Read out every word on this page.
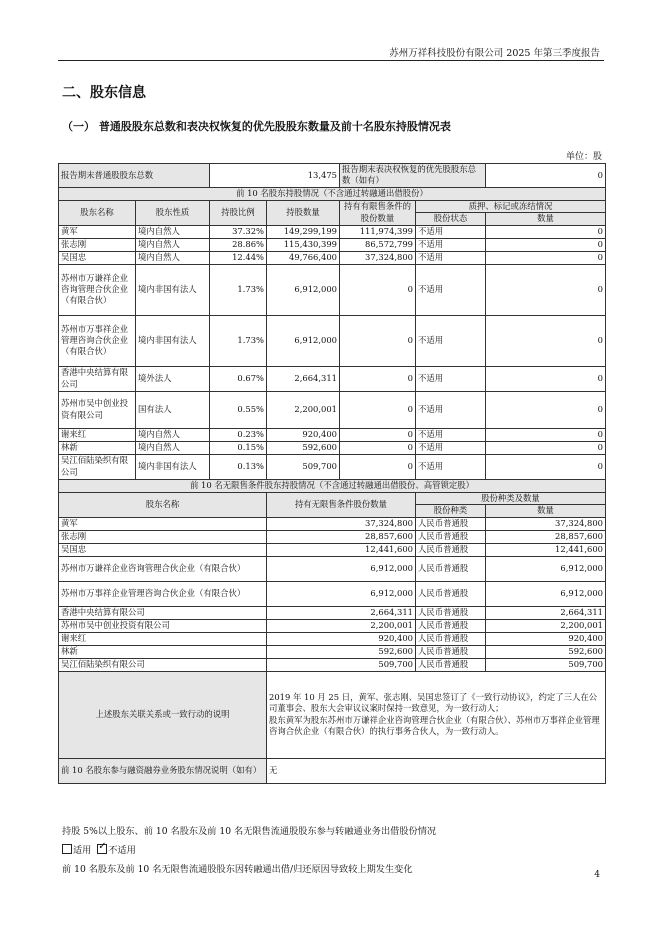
苏州万祥科技股份有限公司 2025 年第三季度报告
二、股东信息
（一） 普通股股东总数和表决权恢复的优先股股东数量及前十名股东持股情况表
单位：股
报告期末普通股股东总数		13,475		报告期末表决权恢复的优先股股东总数（如有）		0
前 10 名股东持股情况（不含通过转融通出借股份）						
股东名称	股东性质	持股比例	持股数量	持有有限售条件的股份数量	质押、标记或冻结情况	
					股份状态	数量
黄军	境内自然人	37.32%	149,299,199	111,974,399	不适用	0
张志刚	境内自然人	28.86%	115,430,399	86,572,799	不适用	0
吴国忠	境内自然人	12.44%	49,766,400	37,324,800	不适用	0
苏州市万谦祥企业咨询管理合伙企业（有限合伙）	境内非国有法人	1.73%	6,912,000	0	不适用	0
苏州市万事祥企业管理咨询合伙企业（有限合伙）	境内非国有法人	1.73%	6,912,000	0	不适用	0
香港中央结算有限公司	境外法人	0.67%	2,664,311	0	不适用	0
苏州市吴中创业投资有限公司	国有法人	0.55%	2,200,001	0	不适用	0
谢来红	境内自然人	0.23%	920,400	0	不适用	0
林新	境内自然人	0.15%	592,600	0	不适用	0
吴江佰陆染织有限公司	境内非国有法人	0.13%	509,700	0	不适用	0
前 10 名无限售条件股东持股情况（不含通过转融通出借股份、高管锁定股）						
股东名称			持有无限售条件股份数量		股份种类及数量	
					股份种类	数量
黄军			37,324,800		人民币普通股	37,324,800
张志刚			28,857,600		人民币普通股	28,857,600
吴国忠			12,441,600		人民币普通股	12,441,600
苏州市万谦祥企业咨询管理合伙企业（有限合伙）			6,912,000		人民币普通股	6,912,000
苏州市万事祥企业管理咨询合伙企业（有限合伙）			6,912,000		人民币普通股	6,912,000
香港中央结算有限公司			2,664,311		人民币普通股	2,664,311
苏州市吴中创业投资有限公司			2,200,001		人民币普通股	2,200,001
谢来红			920,400		人民币普通股	920,400
林新			592,600		人民币普通股	592,600
吴江佰陆染织有限公司			509,700		人民币普通股	509,700
上述股东关联关系或一致行动的说明			2019 年 10 月 25 日，黄军、张志刚、吴国忠签订了《一致行动协议》，约定了三人在公司董事会、股东大会审议议案时保持一致意见，为一致行动人；
股东黄军为股东苏州市万谦祥企业咨询管理合伙企业（有限合伙）、苏州市万事祥企业管理咨询合伙企业（有限合伙）的执行事务合伙人，为一致行动人。			
前 10 名股东参与融资融券业务股东情况说明（如有）			无			
持股 5%以上股东、前 10 名股东及前 10 名无限售流通股股东参与转融通业务出借股份情况
适用 ✓ 不适用
前 10 名股东及前 10 名无限售流通股股东因转融通出借/归还原因导致较上期发生变化	4
